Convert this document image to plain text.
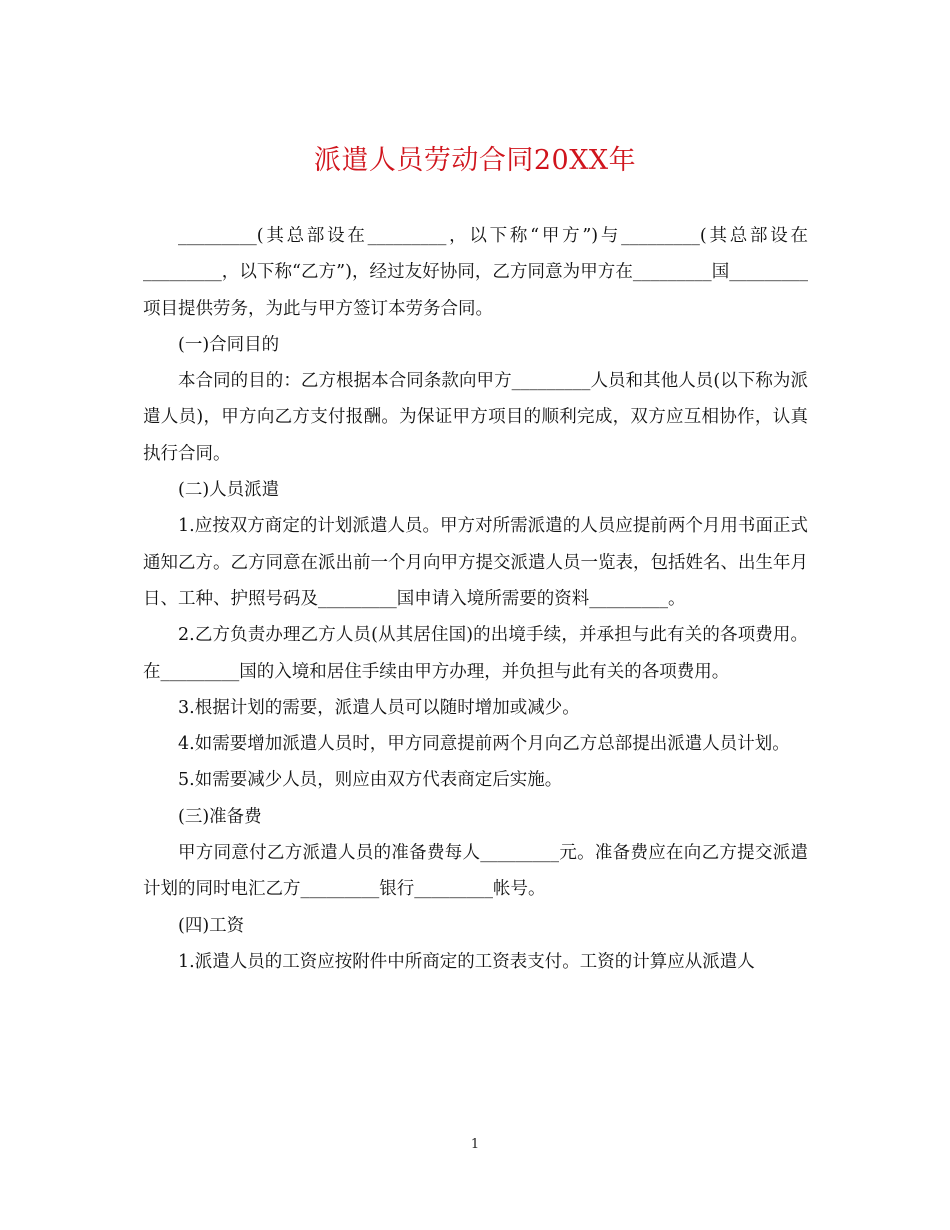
派遣人员劳动合同20XX年

_________(其总部设在_________，以下称“甲方”)与_________(其总部设在_________，以下称“乙方”)，经过友好协同，乙方同意为甲方在_________国_________项目提供劳务，为此与甲方签订本劳务合同。

(一)合同目的

本合同的目的：乙方根据本合同条款向甲方_________人员和其他人员(以下称为派遣人员)，甲方向乙方支付报酬。为保证甲方项目的顺利完成，双方应互相协作，认真执行合同。

(二)人员派遣

1.应按双方商定的计划派遣人员。甲方对所需派遣的人员应提前两个月用书面正式通知乙方。乙方同意在派出前一个月向甲方提交派遣人员一览表，包括姓名、出生年月日、工种、护照号码及_________国申请入境所需要的资料_________。

2.乙方负责办理乙方人员(从其居住国)的出境手续，并承担与此有关的各项费用。在_________国的入境和居住手续由甲方办理，并负担与此有关的各项费用。

3.根据计划的需要，派遣人员可以随时增加或减少。

4.如需要增加派遣人员时，甲方同意提前两个月向乙方总部提出派遣人员计划。

5.如需要减少人员，则应由双方代表商定后实施。

(三)准备费

甲方同意付乙方派遣人员的准备费每人_________元。准备费应在向乙方提交派遣计划的同时电汇乙方_________银行_________帐号。

(四)工资

1.派遣人员的工资应按附件中所商定的工资表支付。工资的计算应从派遣人

1
